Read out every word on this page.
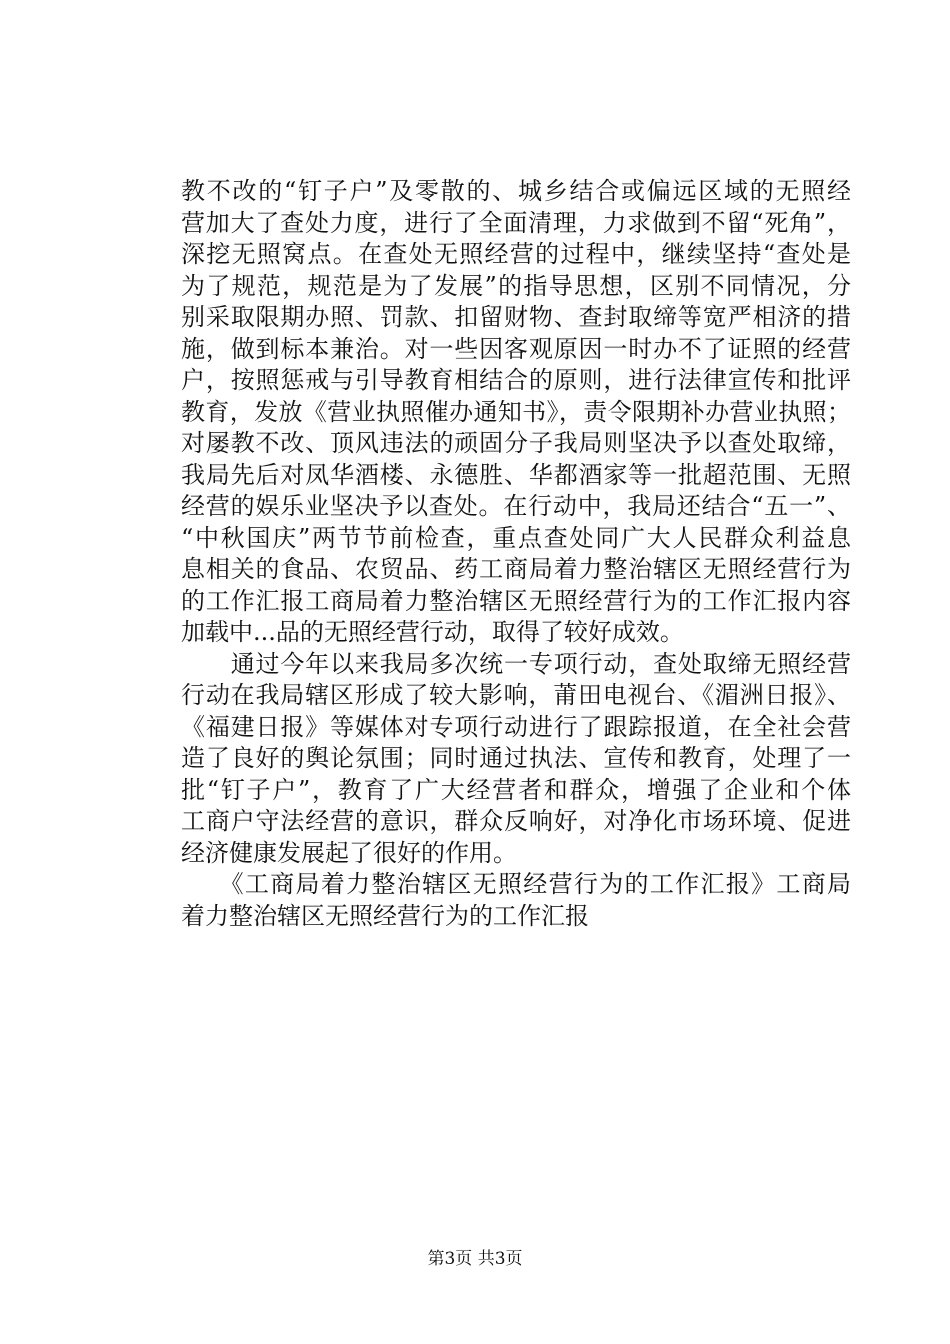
教不改的“钉子户”及零散的、城乡结合或偏远区域的无照经
营加大了查处力度，进行了全面清理，力求做到不留“死角”，
深挖无照窝点。在查处无照经营的过程中，继续坚持“查处是
为了规范，规范是为了发展”的指导思想，区别不同情况，分
别采取限期办照、罚款、扣留财物、查封取缔等宽严相济的措
施，做到标本兼治。对一些因客观原因一时办不了证照的经营
户，按照惩戒与引导教育相结合的原则，进行法律宣传和批评
教育，发放《营业执照催办通知书》，责令限期补办营业执照；
对屡教不改、顶风违法的顽固分子我局则坚决予以查处取缔，
我局先后对凤华酒楼、永德胜、华都酒家等一批超范围、无照
经营的娱乐业坚决予以查处。在行动中，我局还结合“五一”、
“中秋国庆”两节节前检查，重点查处同广大人民群众利益息
息相关的食品、农贸品、药工商局着力整治辖区无照经营行为
的工作汇报工商局着力整治辖区无照经营行为的工作汇报内容
加载中...品的无照经营行动，取得了较好成效。
　　通过今年以来我局多次统一专项行动，查处取缔无照经营
行动在我局辖区形成了较大影响，莆田电视台、《湄洲日报》、
《福建日报》等媒体对专项行动进行了跟踪报道，在全社会营
造了良好的舆论氛围；同时通过执法、宣传和教育，处理了一
批“钉子户”，教育了广大经营者和群众，增强了企业和个体
工商户守法经营的意识，群众反响好，对净化市场环境、促进
经济健康发展起了很好的作用。
　　《工商局着力整治辖区无照经营行为的工作汇报》工商局
着力整治辖区无照经营行为的工作汇报
第3页 共3页
